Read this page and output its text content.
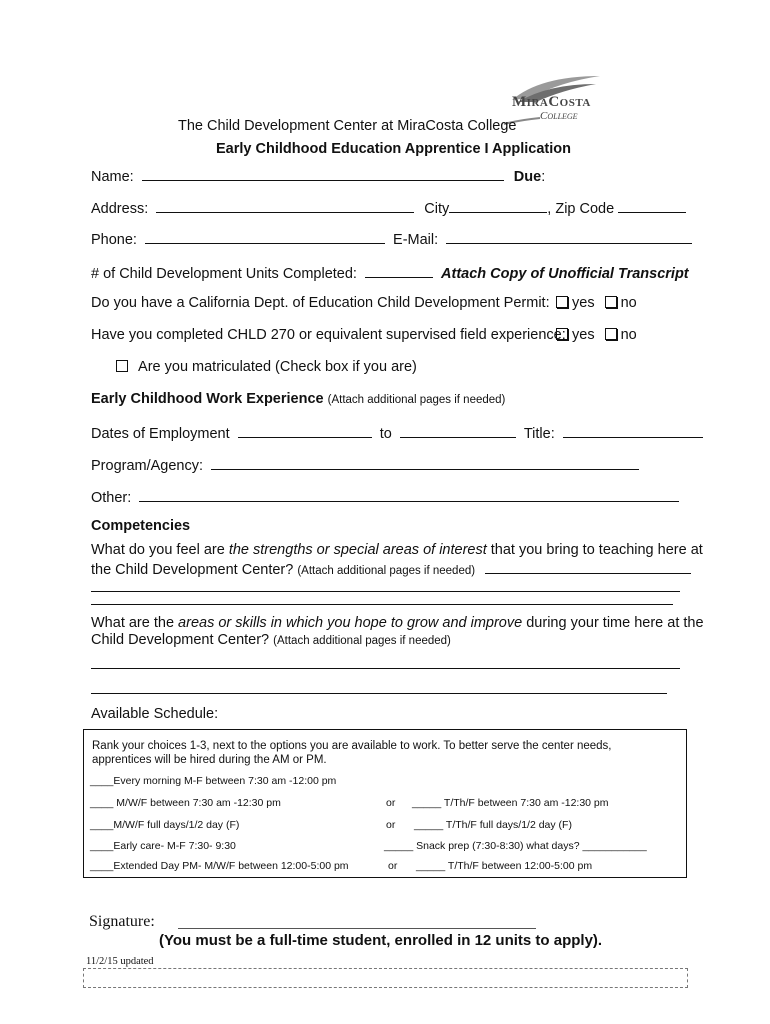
MiraCosta
College
The Child Development Center at MiraCosta College
Early Childhood Education Apprentice I Application
Name:	Due:
Address:	City	, Zip Code
Phone:	E-Mail:
# of Child Development Units Completed:	Attach Copy of Unofficial Transcript
Do you have a California Dept. of Education Child Development Permit:	yes no
Have you completed CHLD 270 or equivalent supervised field experience: yes no
Are you matriculated (Check box if you are)
Early Childhood Work Experience (Attach additional pages if needed)
Dates of Employment	to	Title:
Program/Agency:
Other:
Competencies
What do you feel are the strengths or special areas of interest that you bring to teaching here at
the Child Development Center? (Attach additional pages if needed)
What are the areas or skills in which you hope to grow and improve during your time here at the
Child Development Center? (Attach additional pages if needed)
Available Schedule:
Rank your choices 1-3, next to the options you are available to work. To better serve the center needs,
apprentices will be hired during the AM or PM.
____Every morning M-F between 7:30 am -12:00 pm
____ M/W/F between 7:30 am -12:30 pm	or _____ T/Th/F between 7:30 am -12:30 pm
____M/W/F full days/1/2 day (F)	or _____ T/Th/F full days/1/2 day (F)
____Early care- M-F 7:30- 9:30	_____ Snack prep (7:30-8:30) what days? ___________
____Extended Day PM- M/W/F between 12:00-5:00 pm	or _____ T/Th/F between 12:00-5:00 pm
Signature:
(You must be a full-time student, enrolled in 12 units to apply).
11/2/15 updated
